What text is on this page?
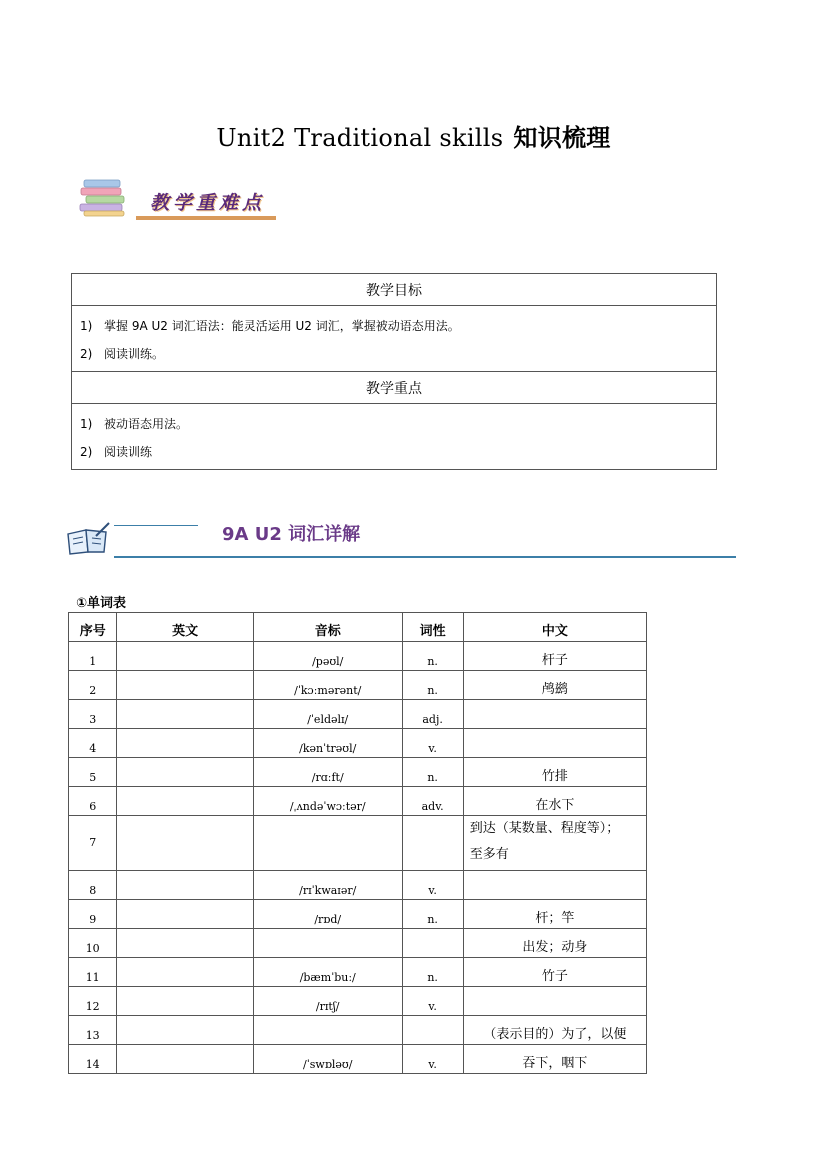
Unit2 Traditional skills 知识梳理
教学重难点
教学目标

1) 掌握 9A U2 词汇语法：能灵活运用 U2 词汇，掌握被动语态用法。
2) 阅读训练。

教学重点

1) 被动语态用法。
2) 阅读训练
9A U2 词汇详解
①单词表
序号	英文	音标	词性	中文
1		/pəʊl/	n.	杆子
2		/ˈkɔːmərənt/	n.	鸬鹚
3		/ˈeldəlɪ/	adj.	
4		/kənˈtrəʊl/	v.	
5		/rɑːft/	n.	竹排
6		/ˌʌndəˈwɔːtər/	adv.	在水下
7				到达（某数量、程度等）；
至多有

8		/rɪˈkwaɪər/	v.	
9		/rɒd/	n.	杆；竿
10				出发；动身
11		/bæmˈbuː/	n.	竹子
12		/rɪtʃ/	v.	
13				（表示目的）为了，以便
14		/ˈswɒləʊ/	v.	吞下，咽下
